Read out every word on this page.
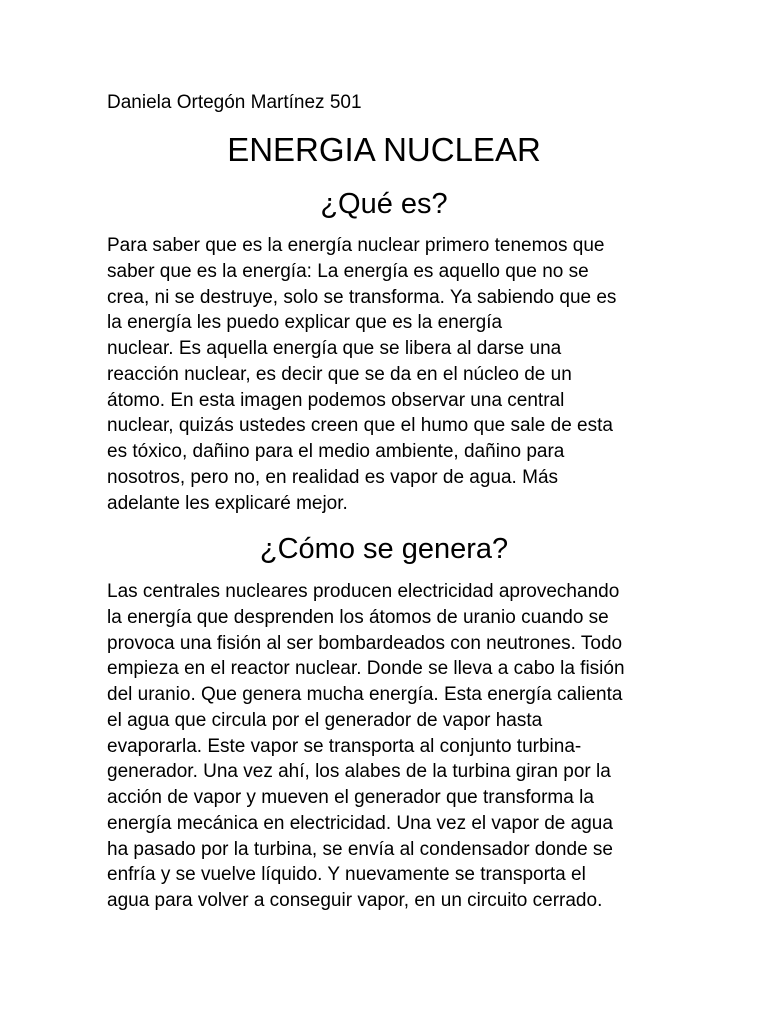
Daniela Ortegón Martínez 501
ENERGIA NUCLEAR
¿Qué es?
Para saber que es la energía nuclear primero tenemos que
saber que es la energía: La energía es aquello que no se
crea, ni se destruye, solo se transforma. Ya sabiendo que es
la energía les puedo explicar que es la energía
nuclear. Es aquella energía que se libera al darse una
reacción nuclear, es decir que se da en el núcleo de un
átomo. En esta imagen podemos observar una central
nuclear, quizás ustedes creen que el humo que sale de esta
es tóxico, dañino para el medio ambiente, dañino para
nosotros, pero no, en realidad es vapor de agua. Más
adelante les explicaré mejor.
¿Cómo se genera?
Las centrales nucleares producen electricidad aprovechando
la energía que desprenden los átomos de uranio cuando se
provoca una fisión al ser bombardeados con neutrones. Todo
empieza en el reactor nuclear. Donde se lleva a cabo la fisión
del uranio. Que genera mucha energía. Esta energía calienta
el agua que circula por el generador de vapor hasta
evaporarla. Este vapor se transporta al conjunto turbina-
generador. Una vez ahí, los alabes de la turbina giran por la
acción de vapor y mueven el generador que transforma la
energía mecánica en electricidad. Una vez el vapor de agua
ha pasado por la turbina, se envía al condensador donde se
enfría y se vuelve líquido. Y nuevamente se transporta el
agua para volver a conseguir vapor, en un circuito cerrado.
